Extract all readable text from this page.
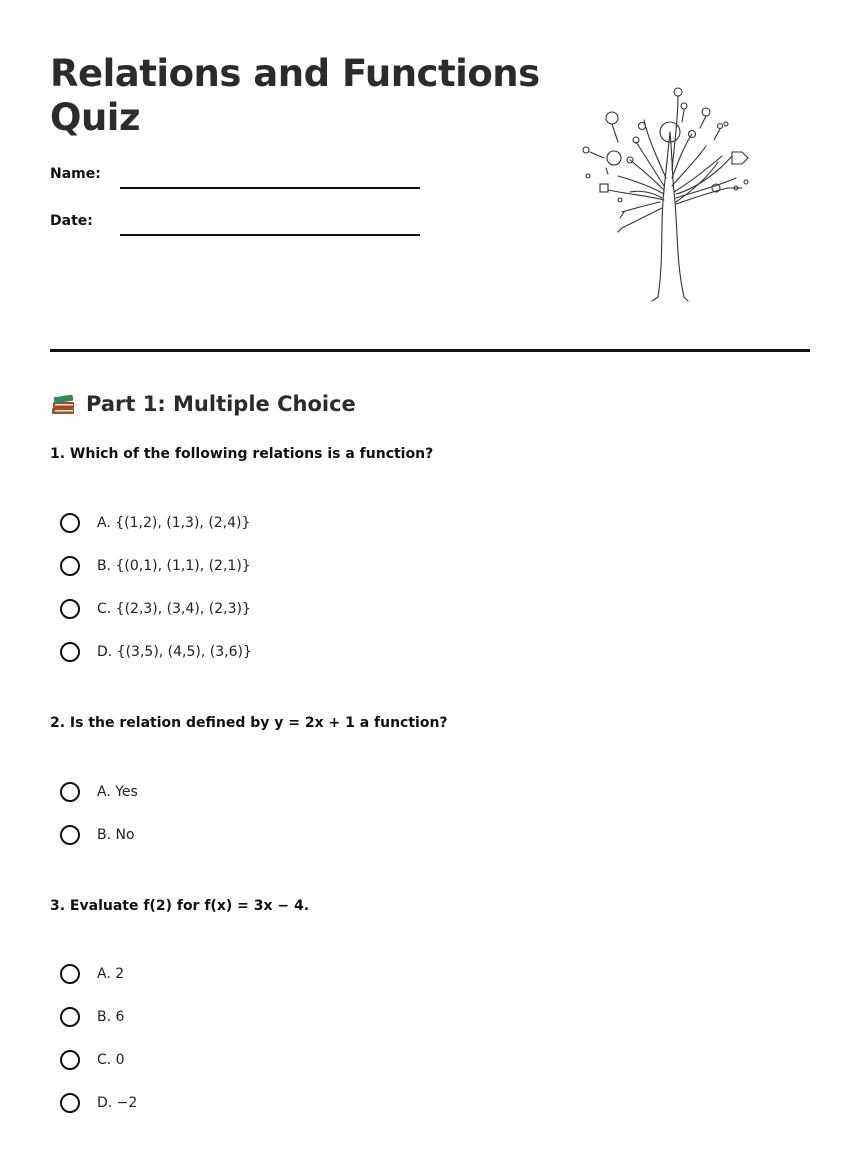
Relations and Functions
Quiz
Name:
Date:
Part 1: Multiple Choice
1. Which of the following relations is a function?
A. {(1,2), (1,3), (2,4)}
B. {(0,1), (1,1), (2,1)}
C. {(2,3), (3,4), (2,3)}
D. {(3,5), (4,5), (3,6)}
2. Is the relation defined by y = 2x + 1 a function?
A. Yes
B. No
3. Evaluate f(2) for f(x) = 3x − 4.
A. 2
B. 6
C. 0
D. −2
